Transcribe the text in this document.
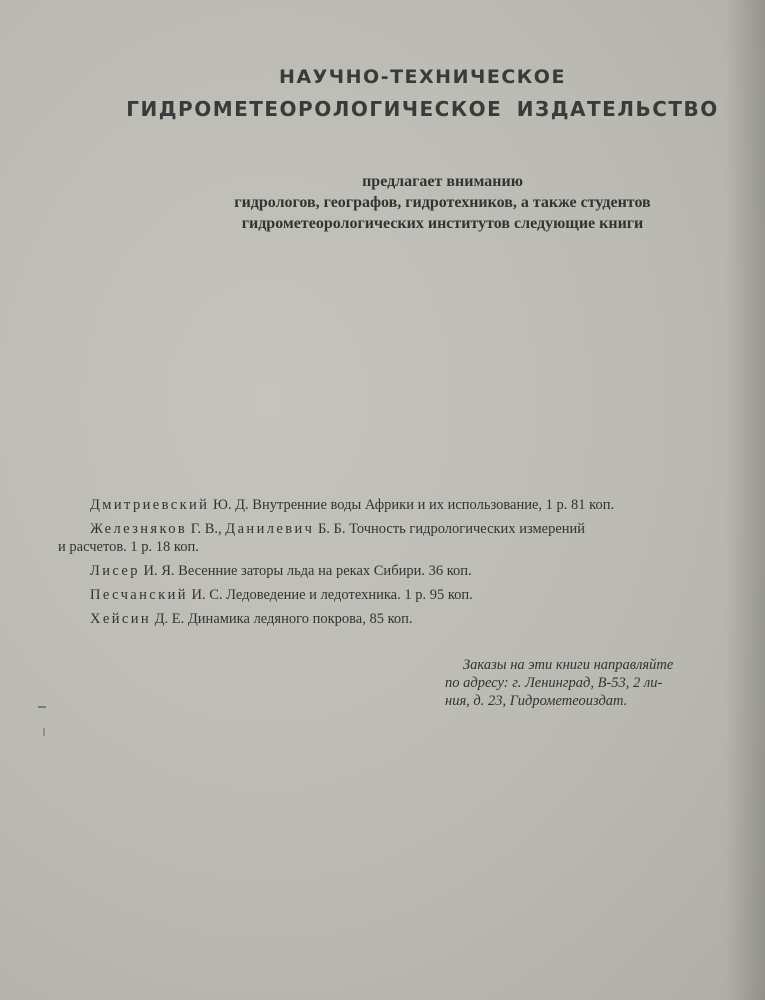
НАУЧНО-ТЕХНИЧЕСКОЕ
ГИДРОМЕТЕОРОЛОГИЧЕСКОЕ ИЗДАТЕЛЬСТВО
предлагает вниманию
гидрологов, географов, гидротехников, а также студентов
гидрометеорологических институтов следующие книги
Дмитриевский Ю. Д. Внутренние воды Африки и их использование, 1 р. 81 коп.
Железняков Г. В., Данилевич Б. Б. Точность гидрологических измерений
и расчетов. 1 р. 18 коп.
Лисер И. Я. Весенние заторы льда на реках Сибири. 36 коп.
Песчанский И. С. Ледоведение и ледотехника. 1 р. 95 коп.
Хейсин Д. Е. Динамика ледяного покрова, 85 коп.
Заказы на эти книги направляйте
по адресу: г. Ленинград, В-53, 2 ли-
ния, д. 23, Гидрометеоиздат.
